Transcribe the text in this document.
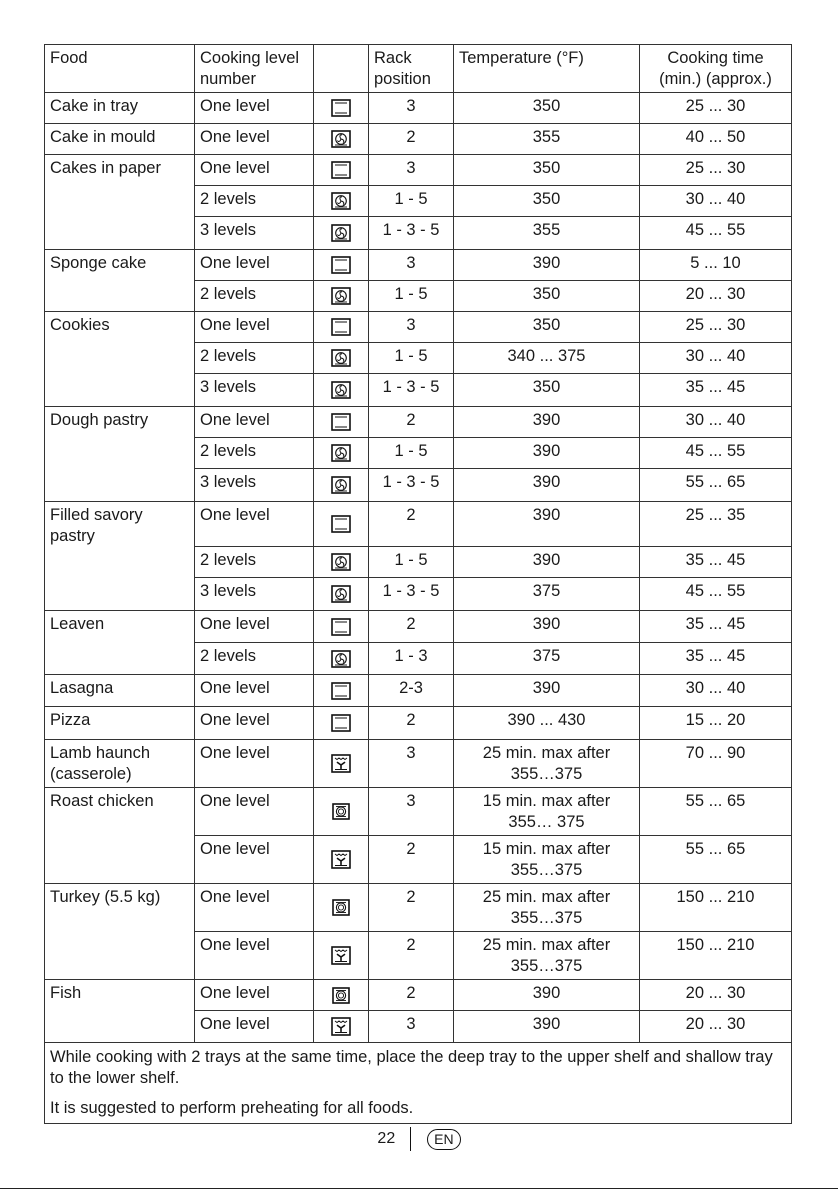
Food	Cooking level number		Rack position	Temperature (°F)	Cooking time (min.) (approx.)
Cake in tray	One level		3	350	25 ... 30
Cake in mould	One level		2	355	40 ... 50
Cakes in paper	One level		3	350	25 ... 30
	2 levels		1 - 5	350	30 ... 40
	3 levels		1 - 3 - 5	355	45 ... 55
Sponge cake	One level		3	390	5 ... 10
	2 levels		1 - 5	350	20 ... 30
Cookies	One level		3	350	25 ... 30
	2 levels		1 - 5	340 ... 375	30 ... 40
	3 levels		1 - 3 - 5	350	35 ... 45
Dough pastry	One level		2	390	30 ... 40
	2 levels		1 - 5	390	45 ... 55
	3 levels		1 - 3 - 5	390	55 ... 65
Filled savory pastry	One level		2	390	25 ... 35
	2 levels		1 - 5	390	35 ... 45
	3 levels		1 - 3 - 5	375	45 ... 55
Leaven	One level		2	390	35 ... 45
	2 levels		1 - 3	375	35 ... 45
Lasagna	One level		2-3	390	30 ... 40
Pizza	One level		2	390 ... 430	15 ... 20
Lamb haunch (casserole)	One level		3	25 min. max after 355…375	70 ... 90
Roast chicken	One level		3	15 min. max after 355… 375	55 ... 65
	One level		2	15 min. max after 355…375	55 ... 65
Turkey (5.5 kg)	One level		2	25 min. max after 355…375	150 ... 210
	One level		2	25 min. max after 355…375	150 ... 210
Fish	One level		2	390	20 ... 30
	One level		3	390	20 ... 30

While cooking with 2 trays at the same time, place the deep tray to the upper shelf and shallow tray to the lower shelf.

It is suggested to perform preheating for all foods.					

22	EN
